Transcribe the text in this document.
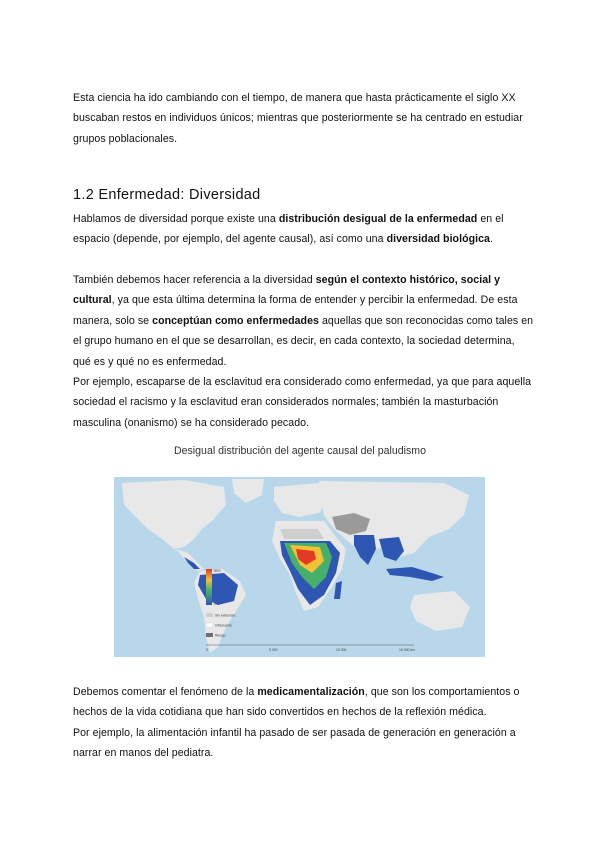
Esta ciencia ha ido cambiando con el tiempo, de manera que hasta prácticamente el siglo XX buscaban restos en individuos únicos; mientras que posteriormente se ha centrado en estudiar grupos poblacionales.

1.2 Enfermedad: Diversidad

Hablamos de diversidad porque existe una distribución desigual de la enfermedad en el espacio (depende, por ejemplo, del agente causal), así como una diversidad biológica.

También debemos hacer referencia a la diversidad según el contexto histórico, social y cultural, ya que esta última determina la forma de entender y percibir la enfermedad. De esta manera, solo se conceptúan como enfermedades aquellas que son reconocidas como tales en el grupo humano en el que se desarrollan, es decir, en cada contexto, la sociedad determina, qué es y qué no es enfermedad.
Por ejemplo, escaparse de la esclavitud era considerado como enfermedad, ya que para aquella sociedad el racismo y la esclavitud eran considerados normales; también la masturbación masculina (onanismo) se ha considerado pecado.
Desigual distribución del agente causal del paludismo
80%
0%
Sin evidencia
Infrecuente
Riesgo
0	5 000	10 000	15 000 km
Debemos comentar el fenómeno de la medicamentalización, que son los comportamientos o hechos de la vida cotidiana que han sido convertidos en hechos de la reflexión médica.
Por ejemplo, la alimentación infantil ha pasado de ser pasada de generación en generación a narrar en manos del pediatra.
